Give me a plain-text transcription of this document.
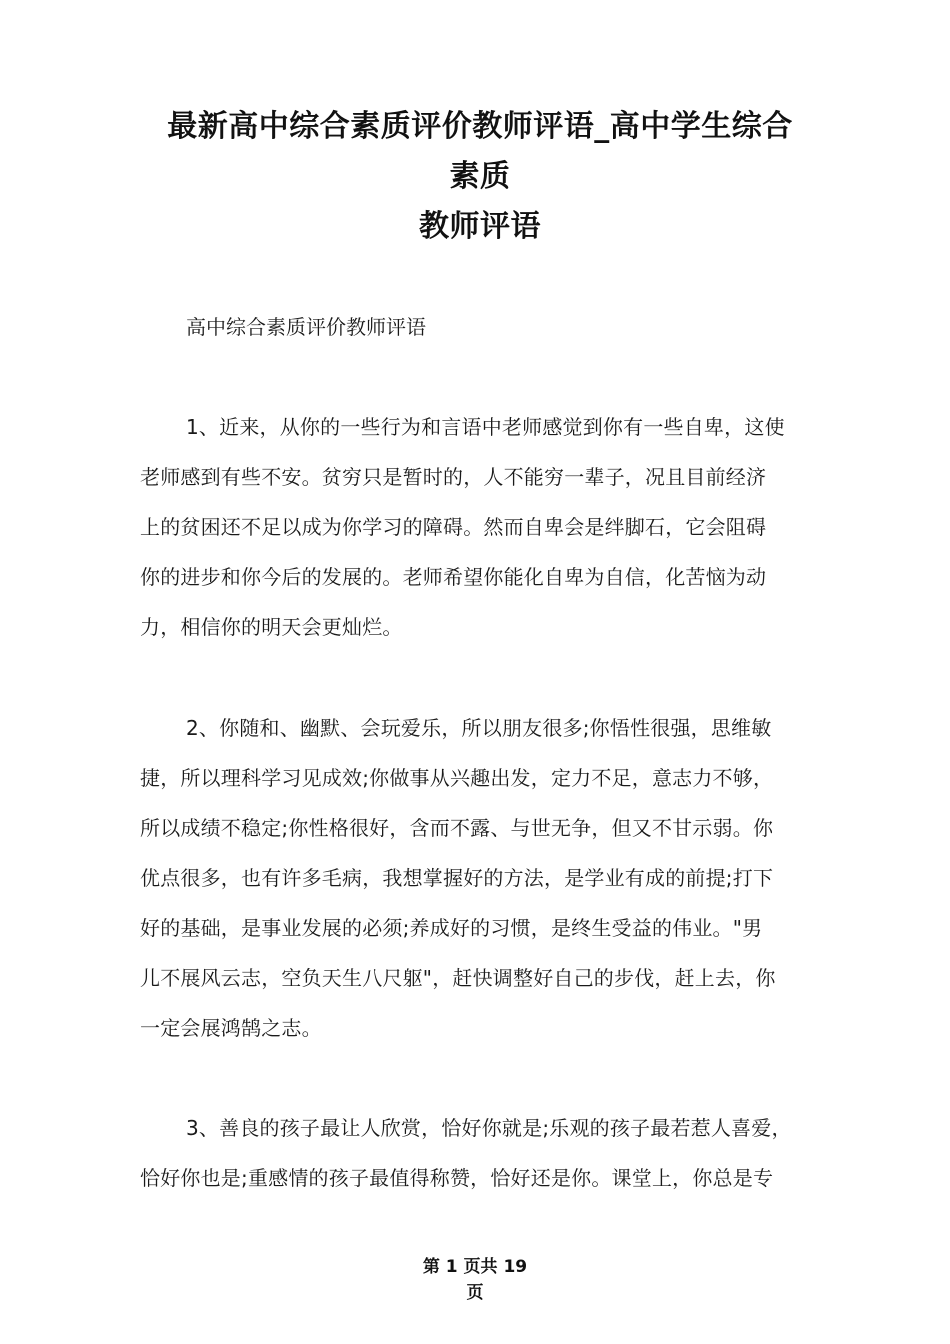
最新高中综合素质评价教师评语_高中学生综合
素质
教师评语
高中综合素质评价教师评语
1、近来，从你的一些行为和言语中老师感觉到你有一些自卑，这使
老师感到有些不安。贫穷只是暂时的，人不能穷一辈子，况且目前经济
上的贫困还不足以成为你学习的障碍。然而自卑会是绊脚石，它会阻碍
你的进步和你今后的发展的。老师希望你能化自卑为自信，化苦恼为动
力，相信你的明天会更灿烂。
2、你随和、幽默、会玩爱乐，所以朋友很多;你悟性很强，思维敏
捷，所以理科学习见成效;你做事从兴趣出发，定力不足，意志力不够，
所以成绩不稳定;你性格很好，含而不露、与世无争，但又不甘示弱。你
优点很多，也有许多毛病，我想掌握好的方法，是学业有成的前提;打下
好的基础，是事业发展的必须;养成好的习惯，是终生受益的伟业。"男
儿不展风云志，空负天生八尺躯"，赶快调整好自己的步伐，赶上去，你
一定会展鸿鹄之志。
3、善良的孩子最让人欣赏，恰好你就是;乐观的孩子最若惹人喜爱，
恰好你也是;重感情的孩子最值得称赞，恰好还是你。课堂上，你总是专
第 1 页共 19
页
